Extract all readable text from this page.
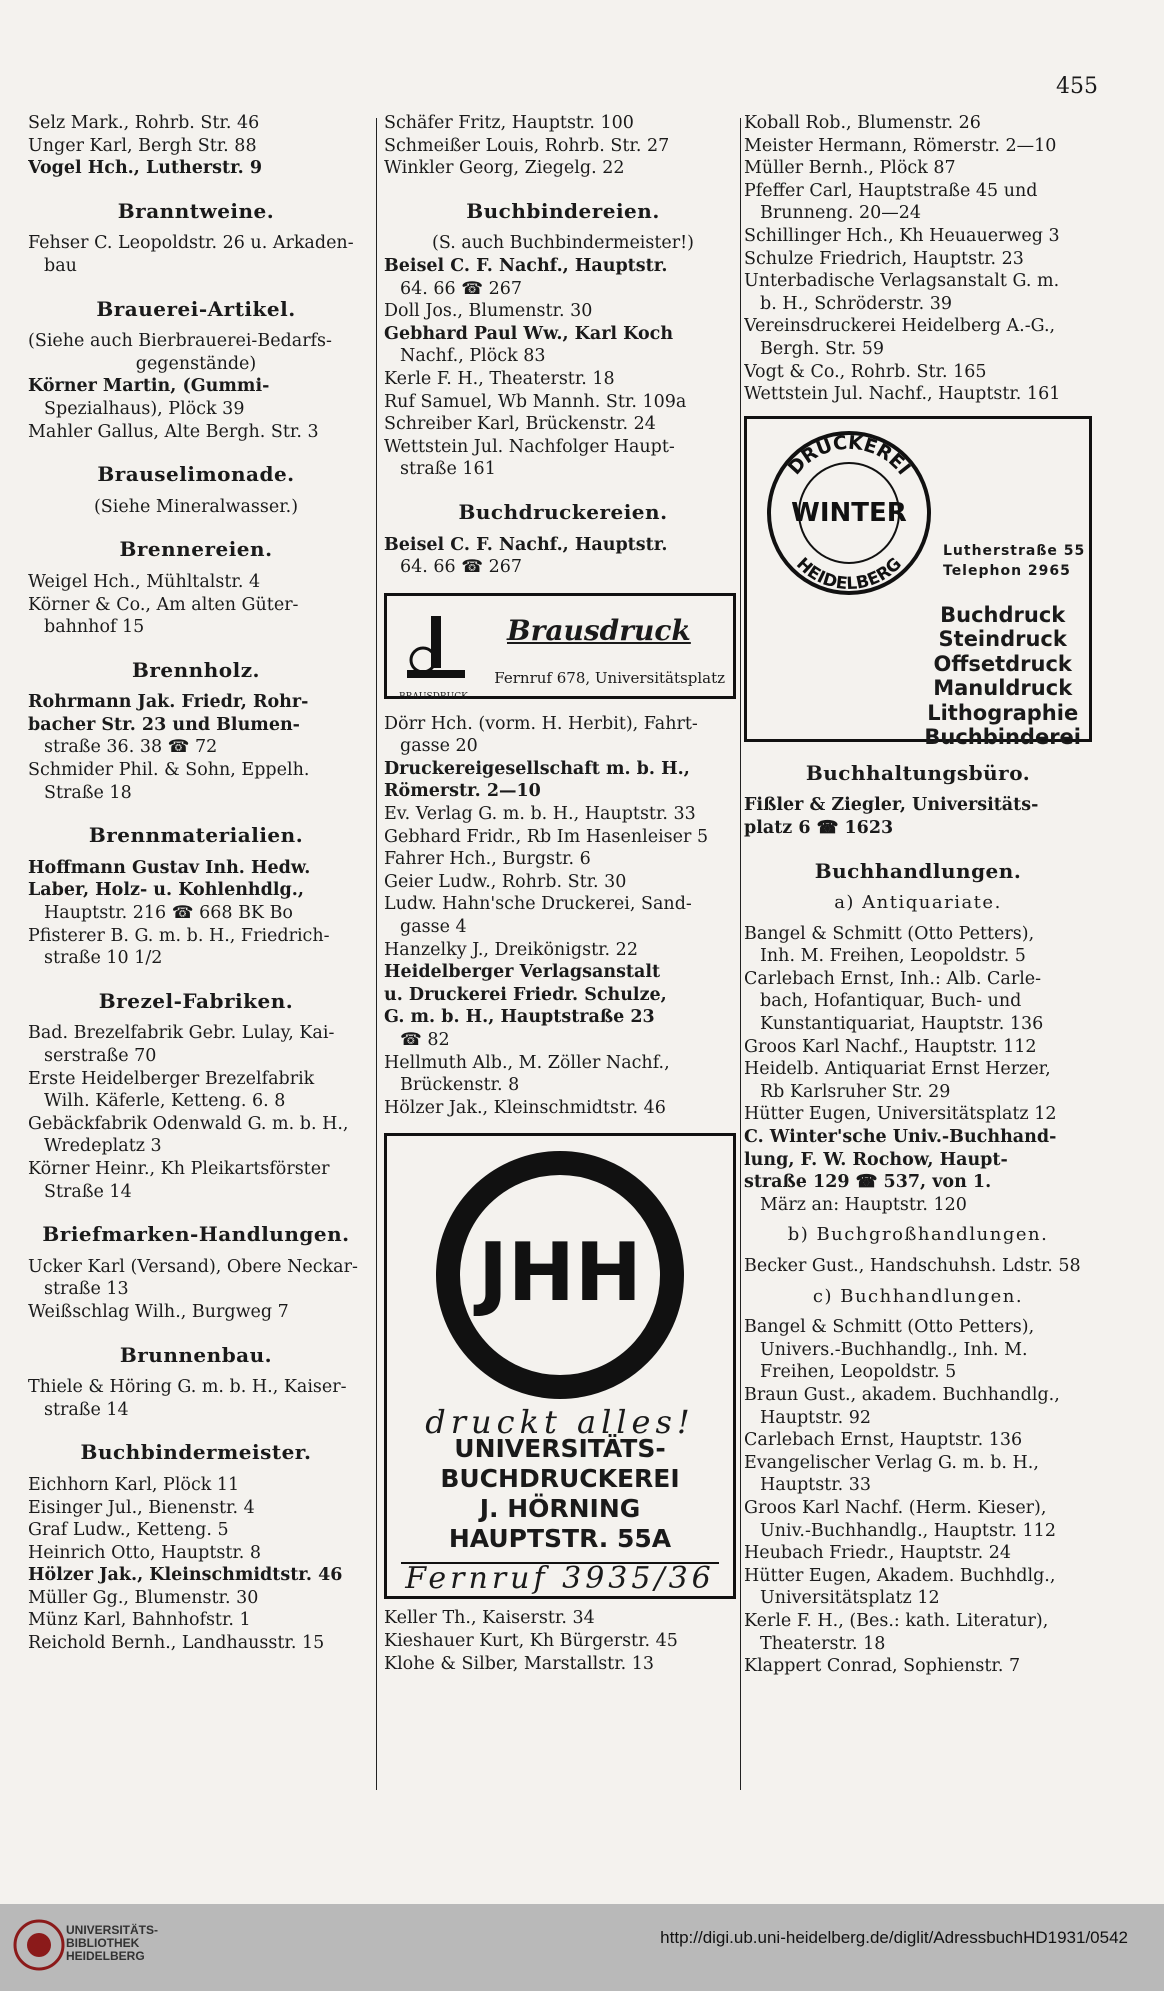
455
Selz Mark., Rohrb. Str. 46
Unger Karl, Bergh Str. 88
Vogel Hch., Lutherstr. 9
Branntweine.
Fehser C. Leopoldstr. 26 u. Arkaden-
bau
Brauerei-Artikel.
(Siehe auch Bierbrauerei-Bedarfs-
gegenstände)
Körner Martin, (Gummi-
Spezialhaus), Plöck 39
Mahler Gallus, Alte Bergh. Str. 3
Brauselimonade.
(Siehe Mineralwasser.)
Brennereien.
Weigel Hch., Mühltalstr. 4
Körner & Co., Am alten Güter-
bahnhof 15
Brennholz.
Rohrmann Jak. Friedr, Rohr-
bacher Str. 23 und Blumen-
straße 36. 38 ☎ 72
Schmider Phil. & Sohn, Eppelh.
Straße 18
Brennmaterialien.
Hoffmann Gustav Inh. Hedw.
Laber, Holz- u. Kohlenhdlg.,
Hauptstr. 216 ☎ 668 BK Bo
Pfisterer B. G. m. b. H., Friedrich-
straße 10 1/2
Brezel-Fabriken.
Bad. Brezelfabrik Gebr. Lulay, Kai-
serstraße 70
Erste Heidelberger Brezelfabrik
Wilh. Käferle, Ketteng. 6. 8
Gebäckfabrik Odenwald G. m. b. H.,
Wredeplatz 3
Körner Heinr., Kh Pleikartsförster
Straße 14
Briefmarken-Handlungen.
Ucker Karl (Versand), Obere Neckar-
straße 13
Weißschlag Wilh., Burgweg 7
Brunnenbau.
Thiele & Höring G. m. b. H., Kaiser-
straße 14
Buchbindermeister.
Eichhorn Karl, Plöck 11
Eisinger Jul., Bienenstr. 4
Graf Ludw., Ketteng. 5
Heinrich Otto, Hauptstr. 8
Hölzer Jak., Kleinschmidtstr. 46
Müller Gg., Blumenstr. 30
Münz Karl, Bahnhofstr. 1
Reichold Bernh., Landhausstr. 15
Schäfer Fritz, Hauptstr. 100
Schmeißer Louis, Rohrb. Str. 27
Winkler Georg, Ziegelg. 22
Buchbindereien.
(S. auch Buchbindermeister!)
Beisel C. F. Nachf., Hauptstr.
64. 66 ☎ 267
Doll Jos., Blumenstr. 30
Gebhard Paul Ww., Karl Koch
Nachf., Plöck 83
Kerle F. H., Theaterstr. 18
Ruf Samuel, Wb Mannh. Str. 109a
Schreiber Karl, Brückenstr. 24
Wettstein Jul. Nachfolger Haupt-
straße 161
Buchdruckereien.
Beisel C. F. Nachf., Hauptstr.
64. 66 ☎ 267
BRAUSDRUCK
Brausdruck
Fernruf 678, Universitätsplatz
Dörr Hch. (vorm. H. Herbit), Fahrt-
gasse 20
Druckereigesellschaft m. b. H.,
Römerstr. 2—10
Ev. Verlag G. m. b. H., Hauptstr. 33
Gebhard Fridr., Rb Im Hasenleiser 5
Fahrer Hch., Burgstr. 6
Geier Ludw., Rohrb. Str. 30
Ludw. Hahn'sche Druckerei, Sand-
gasse 4
Hanzelky J., Dreikönigstr. 22
Heidelberger Verlagsanstalt
u. Druckerei Friedr. Schulze,
G. m. b. H., Hauptstraße 23
☎ 82
Hellmuth Alb., M. Zöller Nachf.,
Brückenstr. 8
Hölzer Jak., Kleinschmidtstr. 46
JHH
druckt alles!
UNIVERSITÄTS-
BUCHDRUCKEREI
J. HÖRNING
HAUPTSTR. 55A
Fernruf 3935/36
Keller Th., Kaiserstr. 34
Kieshauer Kurt, Kh Bürgerstr. 45
Klohe & Silber, Marstallstr. 13
Koball Rob., Blumenstr. 26
Meister Hermann, Römerstr. 2—10
Müller Bernh., Plöck 87
Pfeffer Carl, Hauptstraße 45 und
Brunneng. 20—24
Schillinger Hch., Kh Heuauerweg 3
Schulze Friedrich, Hauptstr. 23
Unterbadische Verlagsanstalt G. m.
b. H., Schröderstr. 39
Vereinsdruckerei Heidelberg A.-G.,
Bergh. Str. 59
Vogt & Co., Rohrb. Str. 165
Wettstein Jul. Nachf., Hauptstr. 161
DRUCKEREI
HEIDELBERG
WINTER
Lutherstraße 55
Telephon 2965
Buchdruck
Steindruck
Offsetdruck
Manuldruck
Lithographie
Buchbinderei
Buchhaltungsbüro.
Fißler & Ziegler, Universitäts-
platz 6 ☎ 1623
Buchhandlungen.
a) Antiquariate.
Bangel & Schmitt (Otto Petters),
Inh. M. Freihen, Leopoldstr. 5
Carlebach Ernst, Inh.: Alb. Carle-
bach, Hofantiquar, Buch- und
Kunstantiquariat, Hauptstr. 136
Groos Karl Nachf., Hauptstr. 112
Heidelb. Antiquariat Ernst Herzer,
Rb Karlsruher Str. 29
Hütter Eugen, Universitätsplatz 12
C. Winter'sche Univ.-Buchhand-
lung, F. W. Rochow, Haupt-
straße 129 ☎ 537, von 1.
März an: Hauptstr. 120
b) Buchgroßhandlungen.
Becker Gust., Handschuhsh. Ldstr. 58
c) Buchhandlungen.
Bangel & Schmitt (Otto Petters),
Univers.-Buchhandlg., Inh. M.
Freihen, Leopoldstr. 5
Braun Gust., akadem. Buchhandlg.,
Hauptstr. 92
Carlebach Ernst, Hauptstr. 136
Evangelischer Verlag G. m. b. H.,
Hauptstr. 33
Groos Karl Nachf. (Herm. Kieser),
Univ.-Buchhandlg., Hauptstr. 112
Heubach Friedr., Hauptstr. 24
Hütter Eugen, Akadem. Buchhdlg.,
Universitätsplatz 12
Kerle F. H., (Bes.: kath. Literatur),
Theaterstr. 18
Klappert Conrad, Sophienstr. 7
UNIVERSITÄTS-
BIBLIOTHEK
HEIDELBERG
http://digi.ub.uni-heidelberg.de/diglit/AdressbuchHD1931/0542
